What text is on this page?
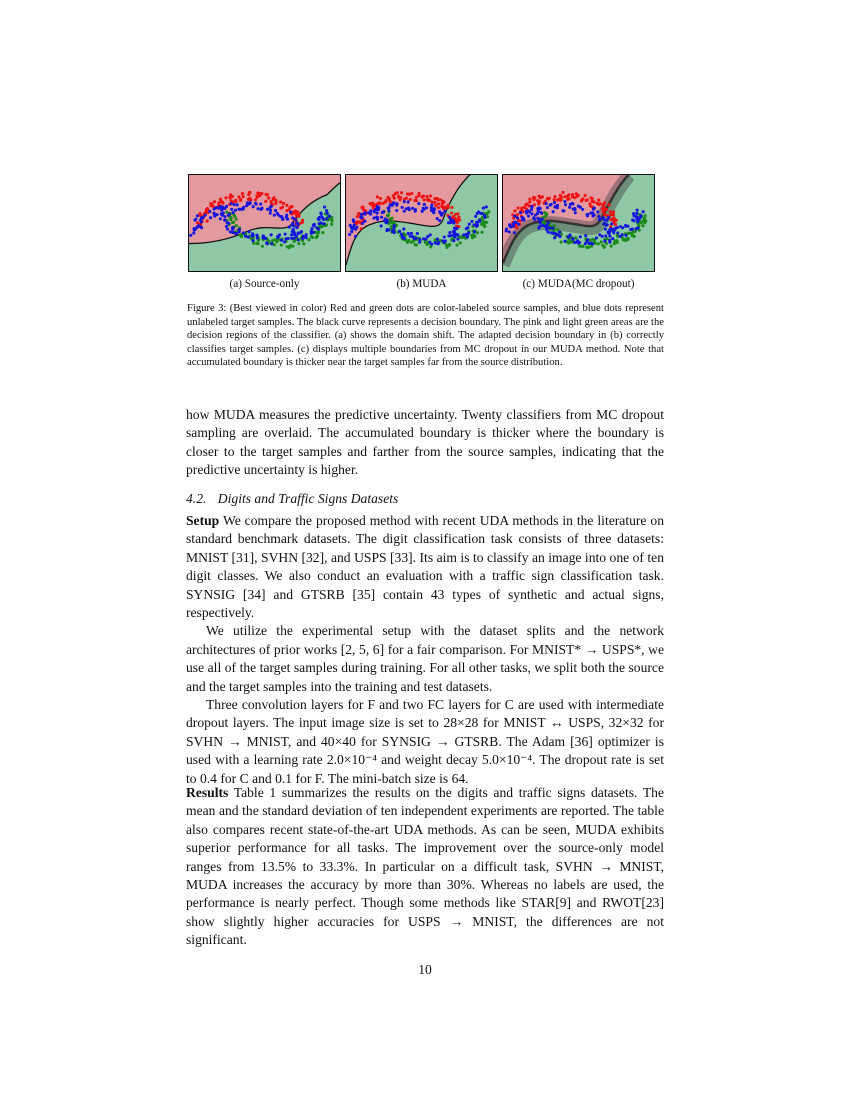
(a) Source-only	(b) MUDA	(c) MUDA(MC dropout)
Figure 3: (Best viewed in color) Red and green dots are color-labeled source samples, and blue dots represent unlabeled target samples. The black curve represents a decision boundary. The pink and light green areas are the decision regions of the classifier. (a) shows the domain shift. The adapted decision boundary in (b) correctly classifies target samples. (c) displays multiple boundaries from MC dropout in our MUDA method. Note that accumulated boundary is thicker near the target samples far from the source distribution.

how MUDA measures the predictive uncertainty. Twenty classifiers from MC dropout sampling are overlaid. The accumulated boundary is thicker where the boundary is closer to the target samples and farther from the source samples, indicating that the predictive uncertainty is higher.

4.2. Digits and Traffic Signs Datasets

Setup We compare the proposed method with recent UDA methods in the literature on standard benchmark datasets. The digit classification task consists of three datasets: MNIST [31], SVHN [32], and USPS [33]. Its aim is to classify an image into one of ten digit classes. We also conduct an evaluation with a traffic sign classification task. SYNSIG [34] and GTSRB [35] contain 43 types of synthetic and actual signs, respectively.

We utilize the experimental setup with the dataset splits and the network architectures of prior works [2, 5, 6] for a fair comparison. For MNIST* → USPS*, we use all of the target samples during training. For all other tasks, we split both the source and the target samples into the training and test datasets.

Three convolution layers for F and two FC layers for C are used with intermediate dropout layers. The input image size is set to 28×28 for MNIST ↔ USPS, 32×32 for SVHN → MNIST, and 40×40 for SYNSIG → GTSRB. The Adam [36] optimizer is used with a learning rate 2.0×10⁻⁴ and weight decay 5.0×10⁻⁴. The dropout rate is set to 0.4 for C and 0.1 for F. The mini-batch size is 64.

Results Table 1 summarizes the results on the digits and traffic signs datasets. The mean and the standard deviation of ten independent experiments are reported. The table also compares recent state-of-the-art UDA methods. As can be seen, MUDA exhibits superior performance for all tasks. The improvement over the source-only model ranges from 13.5% to 33.3%. In particular on a difficult task, SVHN → MNIST, MUDA increases the accuracy by more than 30%. Whereas no labels are used, the performance is nearly perfect. Though some methods like STAR[9] and RWOT[23] show slightly higher accuracies for USPS → MNIST, the differences are not significant.

10
